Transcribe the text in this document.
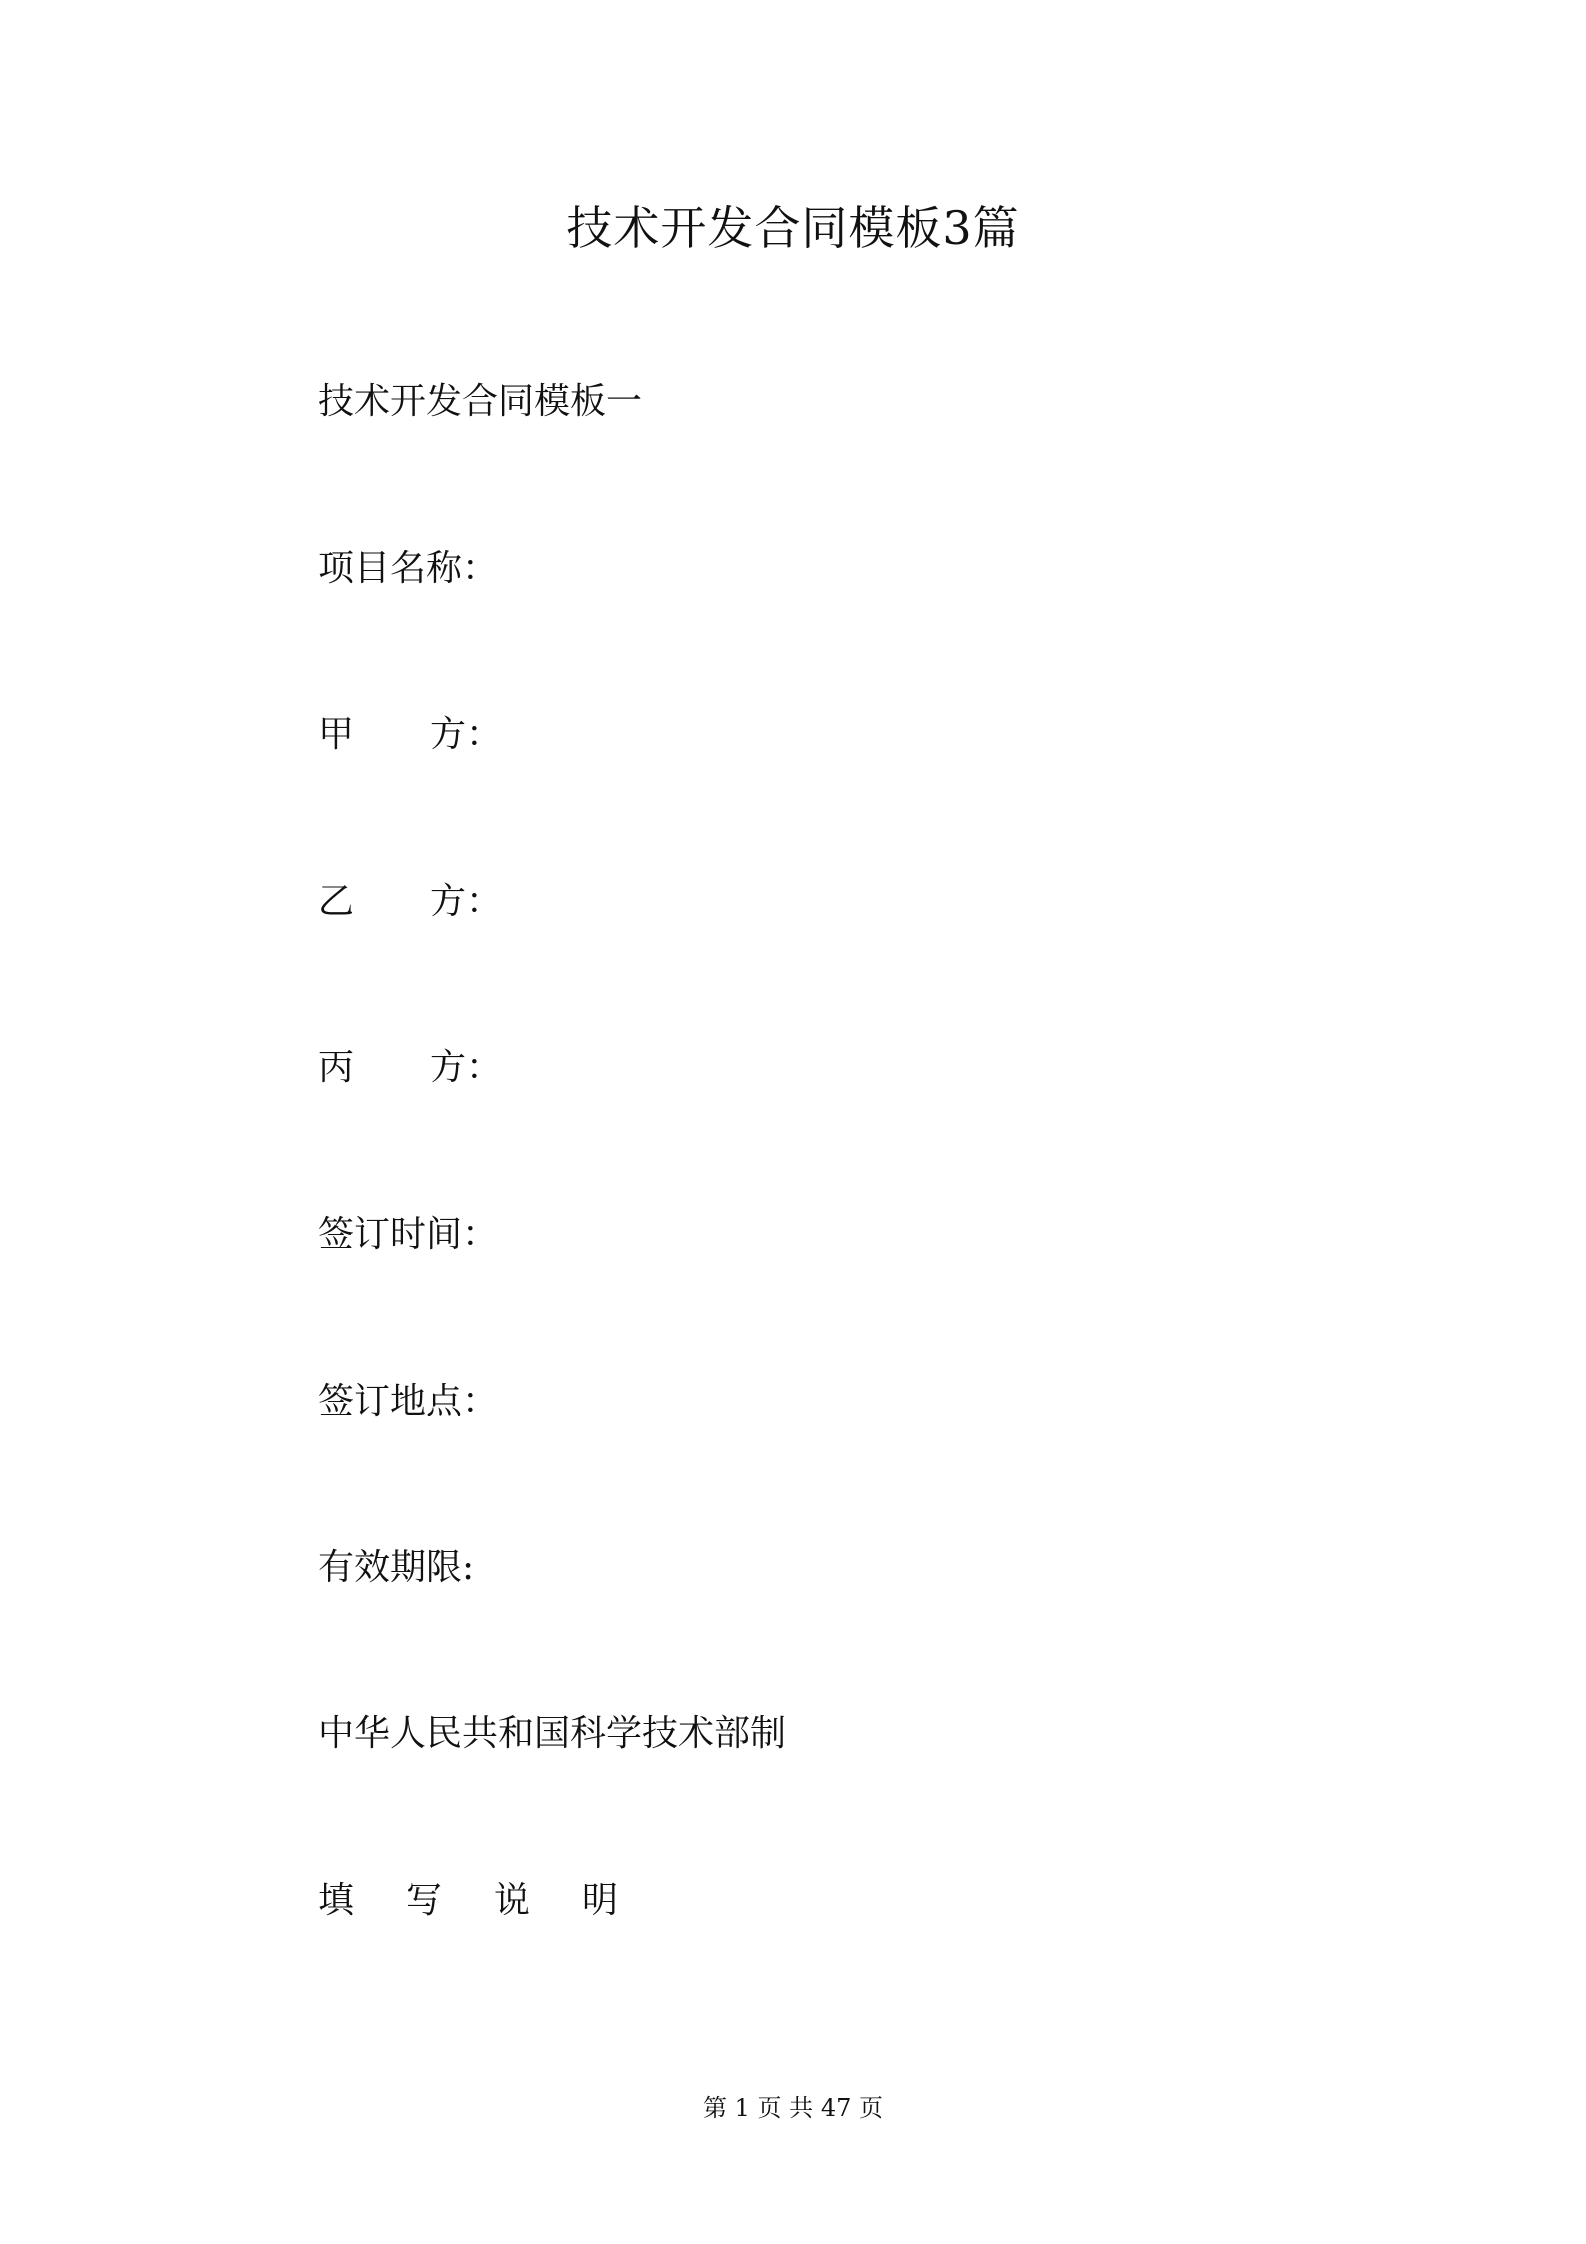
技术开发合同模板3篇

技术开发合同模板一

项目名称：

甲 方：

乙 方：

丙 方：

签订时间：

签订地点：

有效期限:

中华人民共和国科学技术部制

填 写 说 明

第 1 页 共 47 页
